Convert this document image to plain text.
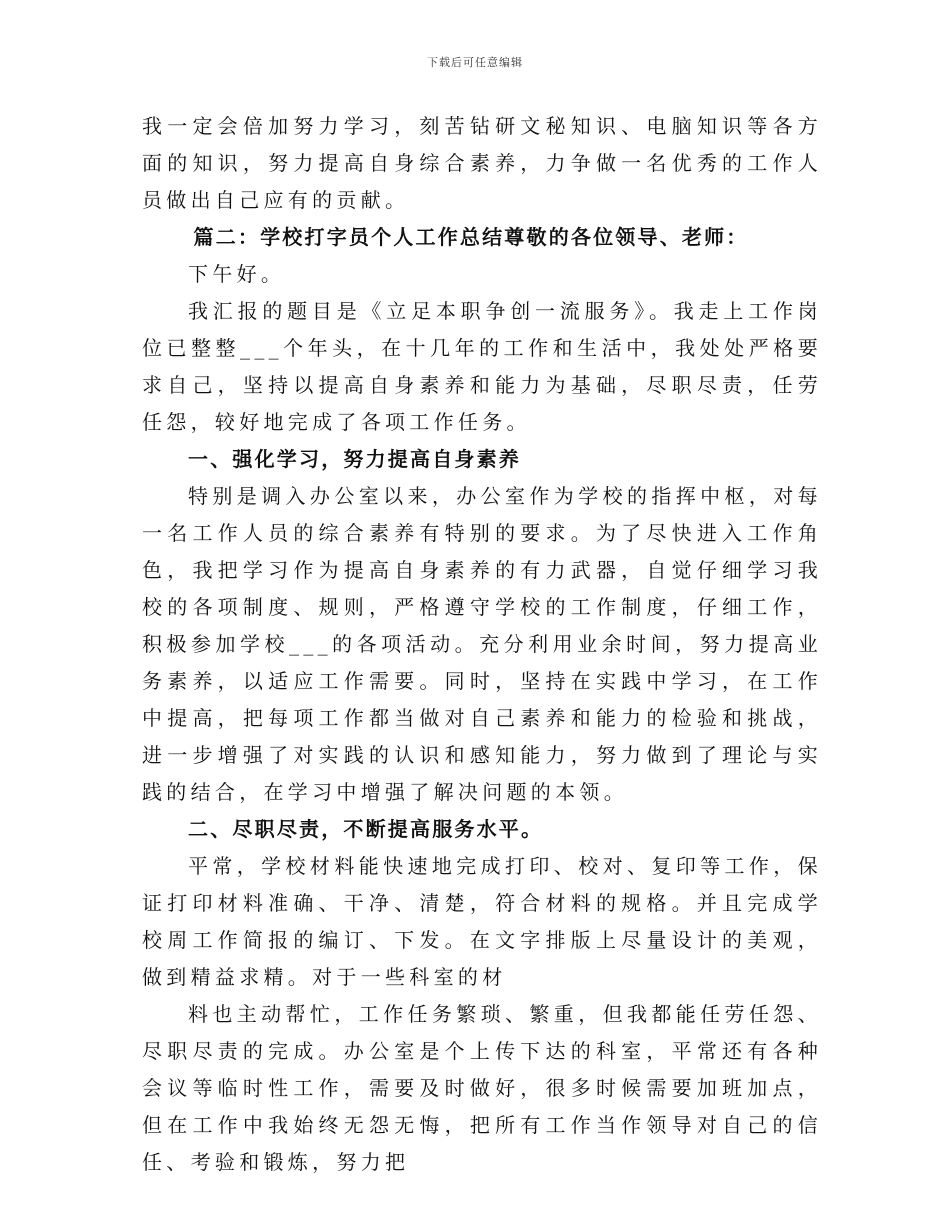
下载后可任意编辑

我一定会倍加努力学习，刻苦钻研文秘知识、电脑知识等各方面的知识，努力提高自身综合素养，力争做一名优秀的工作人员做出自己应有的贡献。

篇二：学校打字员个人工作总结尊敬的各位领导、老师：

下午好。

我汇报的题目是《立足本职争创一流服务》。我走上工作岗位已整整___个年头，在十几年的工作和生活中，我处处严格要求自己，坚持以提高自身素养和能力为基础，尽职尽责，任劳任怨，较好地完成了各项工作任务。

一、强化学习，努力提高自身素养

特别是调入办公室以来，办公室作为学校的指挥中枢，对每一名工作人员的综合素养有特别的要求。为了尽快进入工作角色，我把学习作为提高自身素养的有力武器，自觉仔细学习我校的各项制度、规则，严格遵守学校的工作制度，仔细工作，积极参加学校___的各项活动。充分利用业余时间，努力提高业务素养，以适应工作需要。同时，坚持在实践中学习，在工作中提高，把每项工作都当做对自己素养和能力的检验和挑战，进一步增强了对实践的认识和感知能力，努力做到了理论与实践的结合，在学习中增强了解决问题的本领。

二、尽职尽责，不断提高服务水平。

平常，学校材料能快速地完成打印、校对、复印等工作，保证打印材料准确、干净、清楚，符合材料的规格。并且完成学校周工作简报的编订、下发。在文字排版上尽量设计的美观，做到精益求精。对于一些科室的材

料也主动帮忙，工作任务繁琐、繁重，但我都能任劳任怨、尽职尽责的完成。办公室是个上传下达的科室，平常还有各种会议等临时性工作，需要及时做好，很多时候需要加班加点，但在工作中我始终无怨无悔，把所有工作当作领导对自己的信任、考验和锻炼，努力把
